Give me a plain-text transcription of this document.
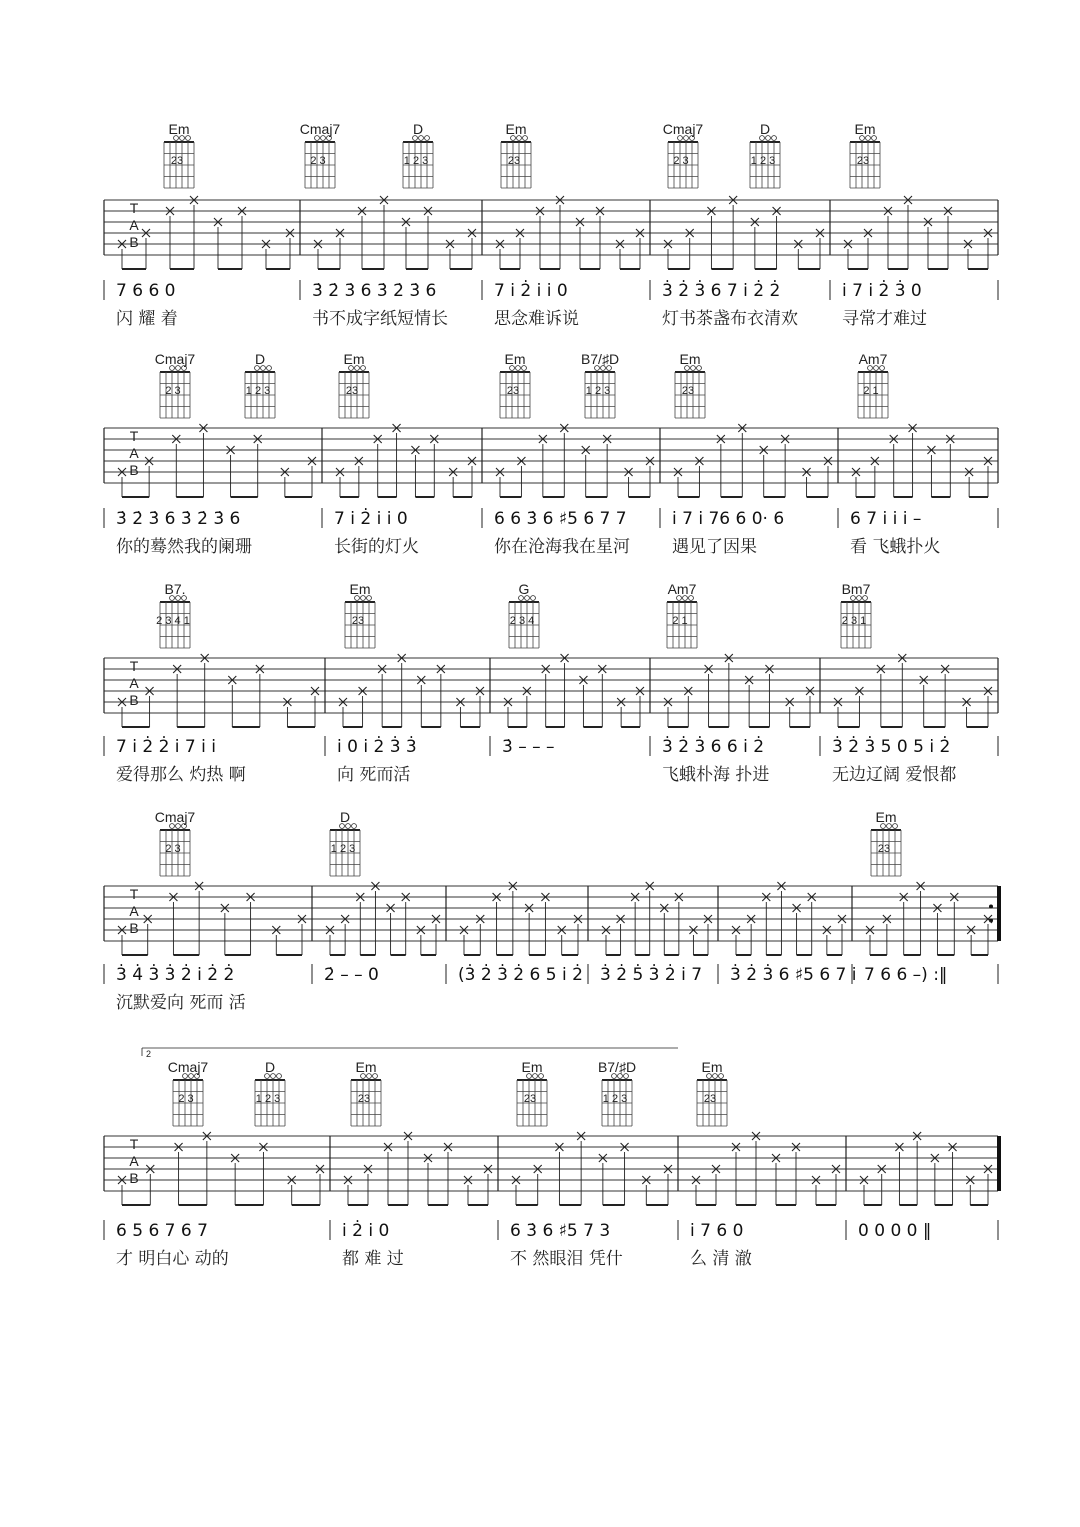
Em
23
Cmaj7
2 3
D
1 2 3
Em
23
Cmaj7
2 3
D
1 2 3
Em
23
T
A
B
7 6 6 0	3̇ 2̇ 3̇ 6 3̇ 2̇ 3̇ 6	7 i 2̇ i i 0	3̇ 2̇ 3̇ 6 7 i 2̇ 2̇	i 7 i 2̇ 3̇ 0
闪 耀 着	书不成字纸短情长	思念难诉说	灯书茶盏布衣清欢	寻常才难过
Cmaj7
2 3
D
1 2 3
Em
23
Em
23
B7/♯D
1 2 3
Em
23
Am7
2 1
T
A
B
3̇ 2̇ 3̇ 6 3̇ 2̇ 3̇ 6	7 i 2̇ i i 0	6 6 3̇ 6 ♯5 6 7 7	i 7 i 76 6 0· 6	6 7 i i i –
你的蓦然我的阑珊	长街的灯火	你在沧海我在星河 遇见了因果	看 飞蛾扑火
B7.
2 3 4 1
Em
23
G
2 3 4
Am7
2 1
Bm7
2 3 1
T
A
B
7 i 2̇ 2̇ i 7 i i	i 0 i 2̇ 3̇ 3̇	3̇ – – –	3̇ 2̇ 3̇ 6 6 i 2̇	3̇ 2̇ 3̇ 5 0 5 i 2̇
爱得那么 灼热 啊	向 死而活	飞蛾朴海 扑进	无边辽阔 爱恨都
Cmaj7
2 3
D
1 2 3
Em
23
T
A
B
3̇ 4̇ 3̇ 3̇ 2̇ i 2̇ 2̇	2̇ – – 0	(3̇ 2̇ 3̇ 2̇ 6 5 i 2̇ 3̇ 2̇ 5̇ 3̇ 2̇ i 7 3̇ 2̇ 3̇ 6 ♯5 6 7 i 7 6 6 –) :‖
沉默爱向 死而 活
Cmaj7
2 3
D
1 2 3
Em
23
Em
23
B7/♯D
1 2 3
Em
23
T
A
B
6 5 6 7 6 7	i 2̇ i 0	6 3̇ 6 ♯5 7 3	i 7 6 0	0 0 0 0 ‖
才 明白心 动的	都 难 过	不 然眼泪 凭什	么 清 澈
2
